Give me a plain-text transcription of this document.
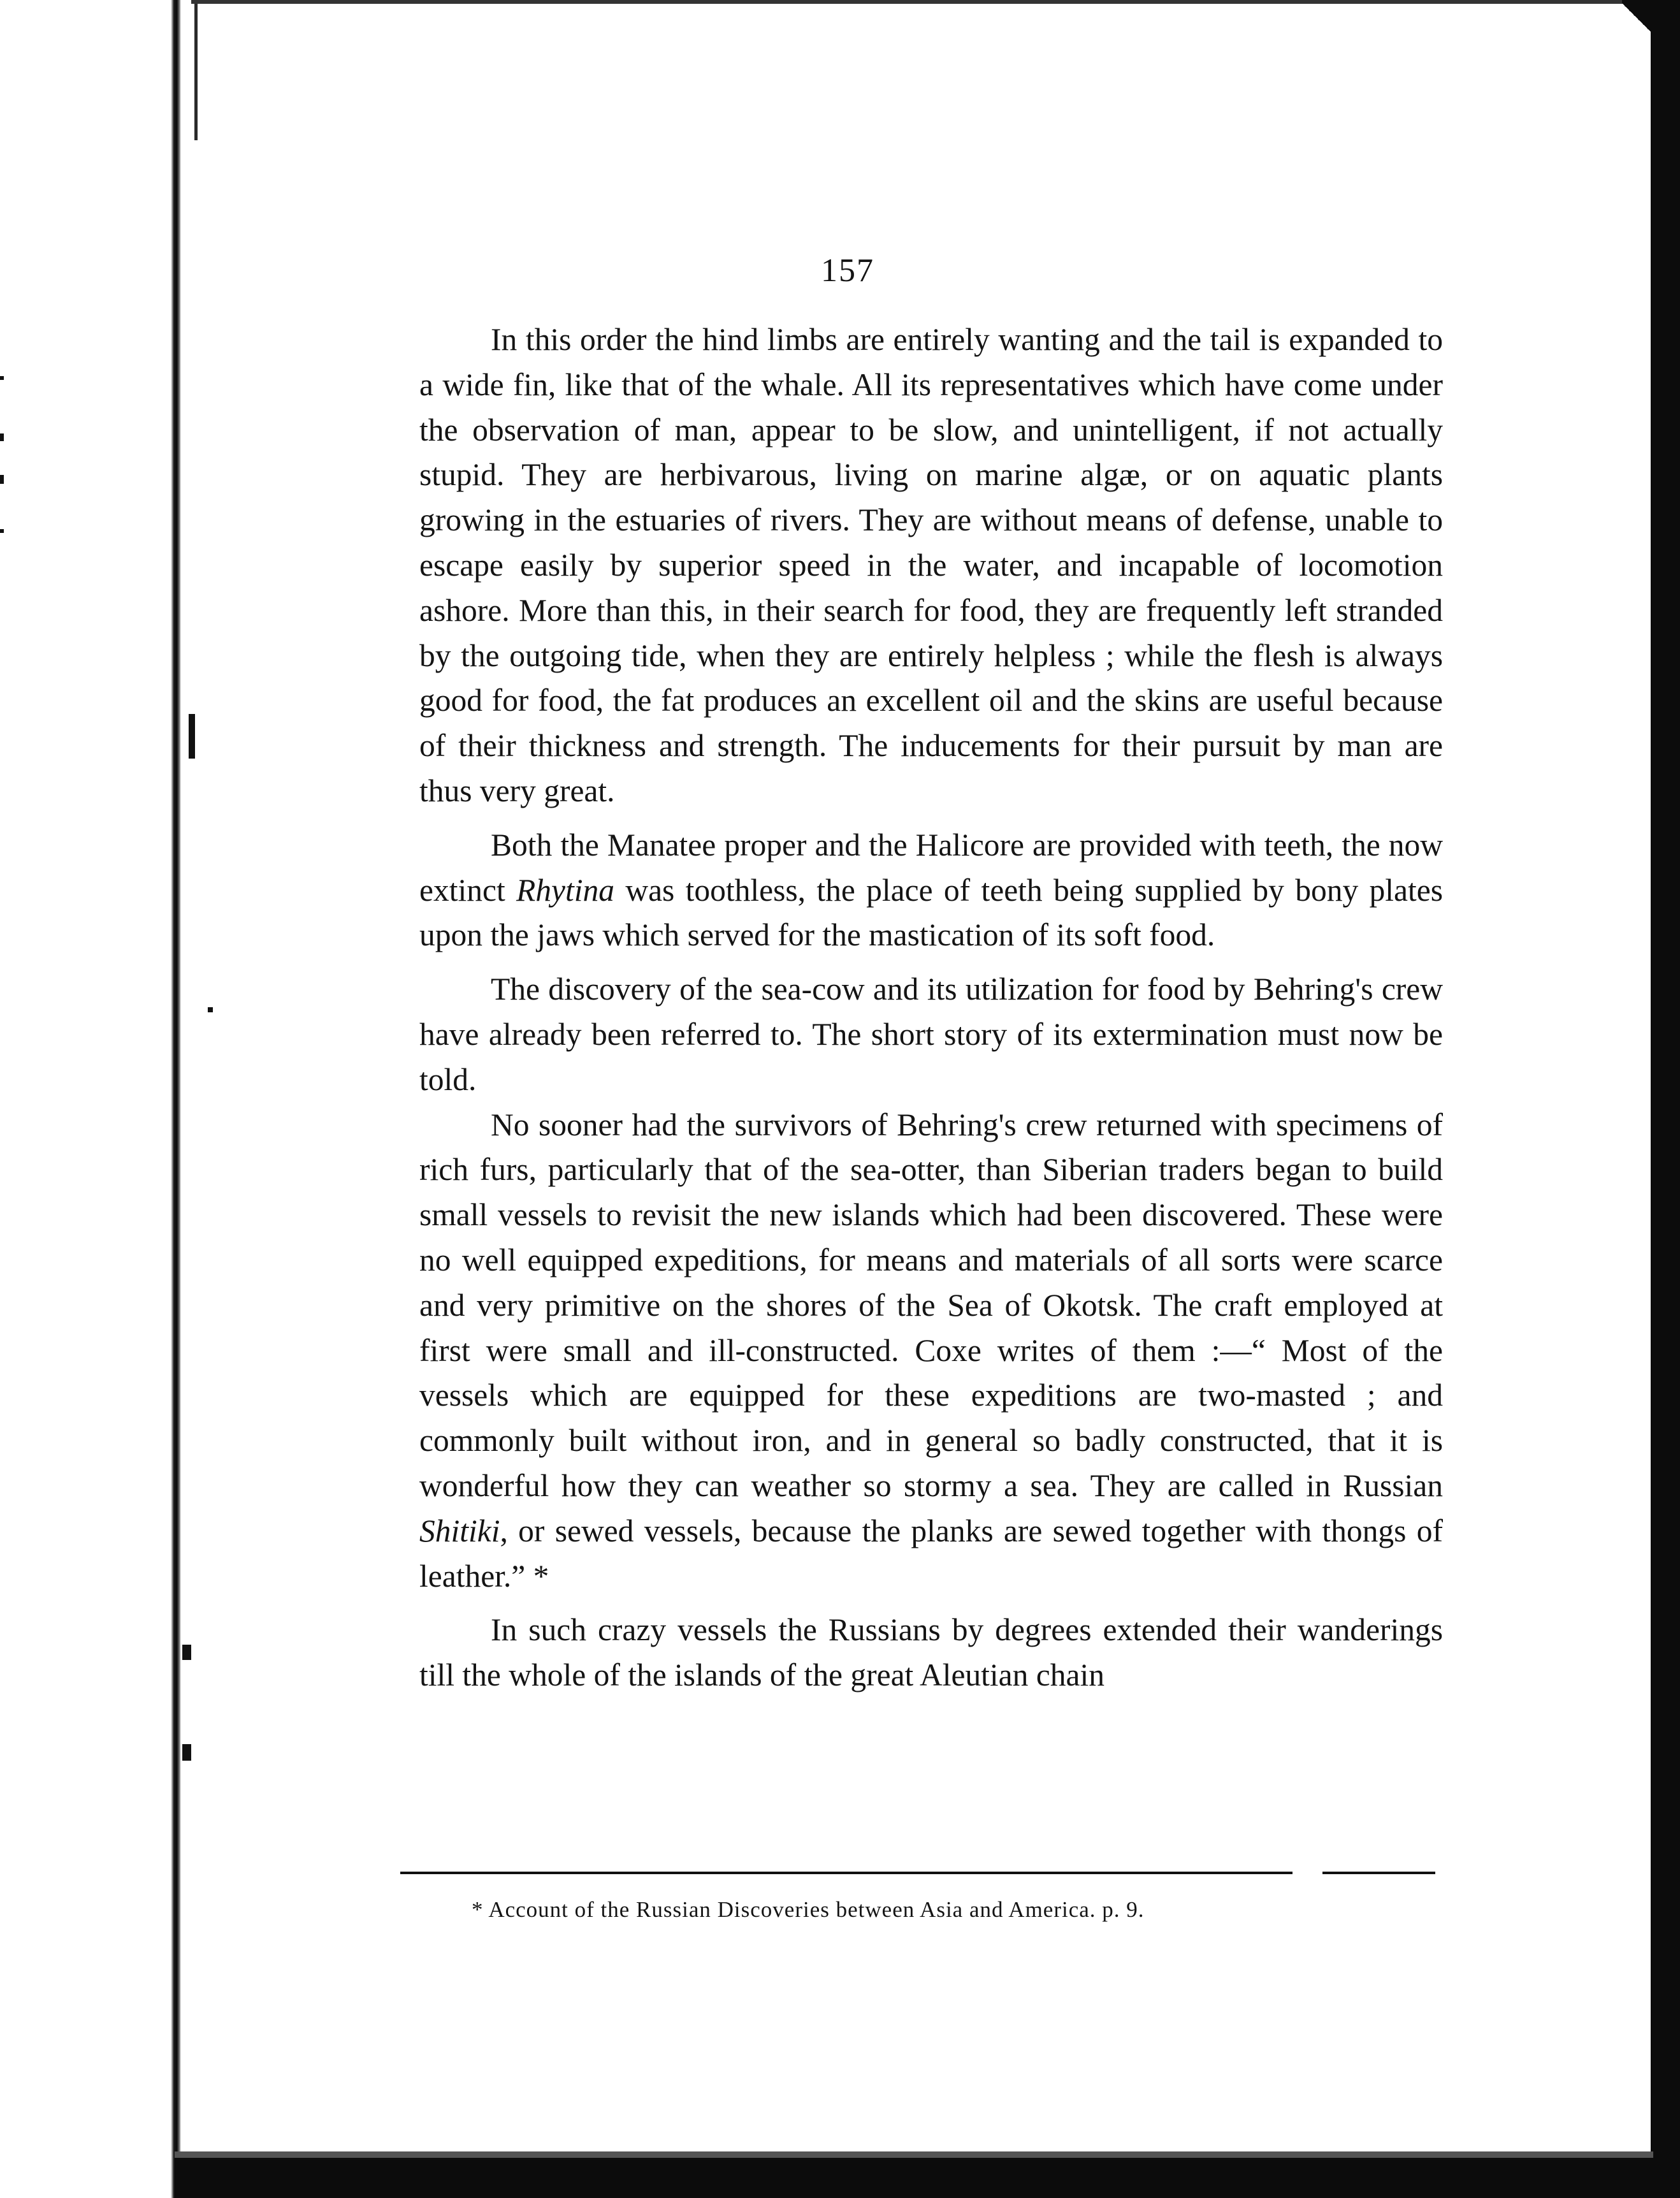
157

In this order the hind limbs are entirely wanting and the tail is expanded to a wide fin, like that of the whale. All its representatives which have come under the observation of man, appear to be slow, and unintelligent, if not actually stupid. They are herbivarous, living on marine algæ, or on aquatic plants growing in the estuaries of rivers. They are without means of defense, unable to escape easily by superior speed in the water, and incapable of locomotion ashore. More than this, in their search for food, they are frequently left stranded by the outgoing tide, when they are entirely helpless ; while the flesh is always good for food, the fat produces an excellent oil and the skins are useful because of their thickness and strength. The inducements for their pursuit by man are thus very great.

Both the Manatee proper and the Halicore are provided with teeth, the now extinct Rhytina was toothless, the place of teeth being supplied by bony plates upon the jaws which served for the mastication of its soft food.

The discovery of the sea-cow and its utilization for food by Behring's crew have already been referred to. The short story of its extermination must now be told.

No sooner had the survivors of Behring's crew returned with specimens of rich furs, particularly that of the sea-otter, than Siberian traders began to build small vessels to revisit the new islands which had been discovered. These were no well equipped expeditions, for means and materials of all sorts were scarce and very primitive on the shores of the Sea of Okotsk. The craft employed at first were small and ill-constructed. Coxe writes of them :—“ Most of the vessels which are equipped for these expeditions are two-masted ; and commonly built without iron, and in general so badly constructed, that it is wonderful how they can weather so stormy a sea. They are called in Russian Shitiki, or sewed vessels, because the planks are sewed together with thongs of leather.” *

In such crazy vessels the Russians by degrees extended their wanderings till the whole of the islands of the great Aleutian chain

* Account of the Russian Discoveries between Asia and America. p. 9.
